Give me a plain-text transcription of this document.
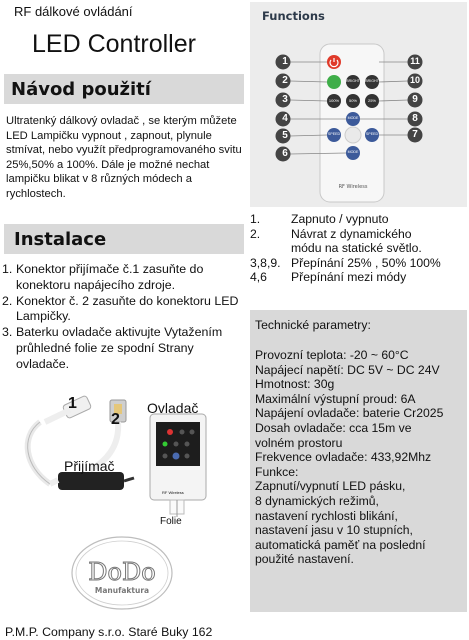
RF dálkové ovládání
LED Controller
Návod použití
Ultratenký dálkový ovladač , se kterým můžete LED Lampičku vypnout , zapnout, plynule stmívat, nebo využít předprogramovaného svitu 25%,50% a 100%. Dále je možné nechat lampičku blikat v 8 různých módech a rychlostech.
Instalace
1. Konektor přijímače č.1 zasuňte do konektoru napájecího zdroje.
2. Konektor č. 2 zasuňte do konektoru LED Lampičky.
3. Baterku ovladače aktivujte Vytažením průhledné folie ze spodní Strany ovladače.
1
2
Ovladač
Přijímač
Folie
RF Wireless
DoDo
Manufaktura
RF Wireless
Functions
1
2
3
4
5
6
11
10
9
8
7
BRIGHT	BRIGHT
100%	50%	25%
MODE
SPEED	SPEED
MODE
1.	Zapnuto / vypnuto
2.	Návrat z dynamického
módu na statické světlo.
3,8,9. Přepínání 25% , 50% 100%
4,6	Přepínání mezi módy
Technické parametry:
Provozní teplota: -20 ~ 60°C
Napájecí napětí: DC 5V ~ DC 24V
Hmotnost: 30g
Maximální výstupní proud: 6A
Napájení ovladače: baterie Cr2025
Dosah ovladače: cca 15m ve
volném prostoru
Frekvence ovladače: 433,92Mhz
Funkce:
Zapnutí/vypnutí LED pásku,
8 dynamických režimů,
nastavení rychlosti blikání,
nastavení jasu v 10 stupních,
automatická paměť na poslední
použité nastavení.
P.M.P. Company s.r.o. Staré Buky 162
